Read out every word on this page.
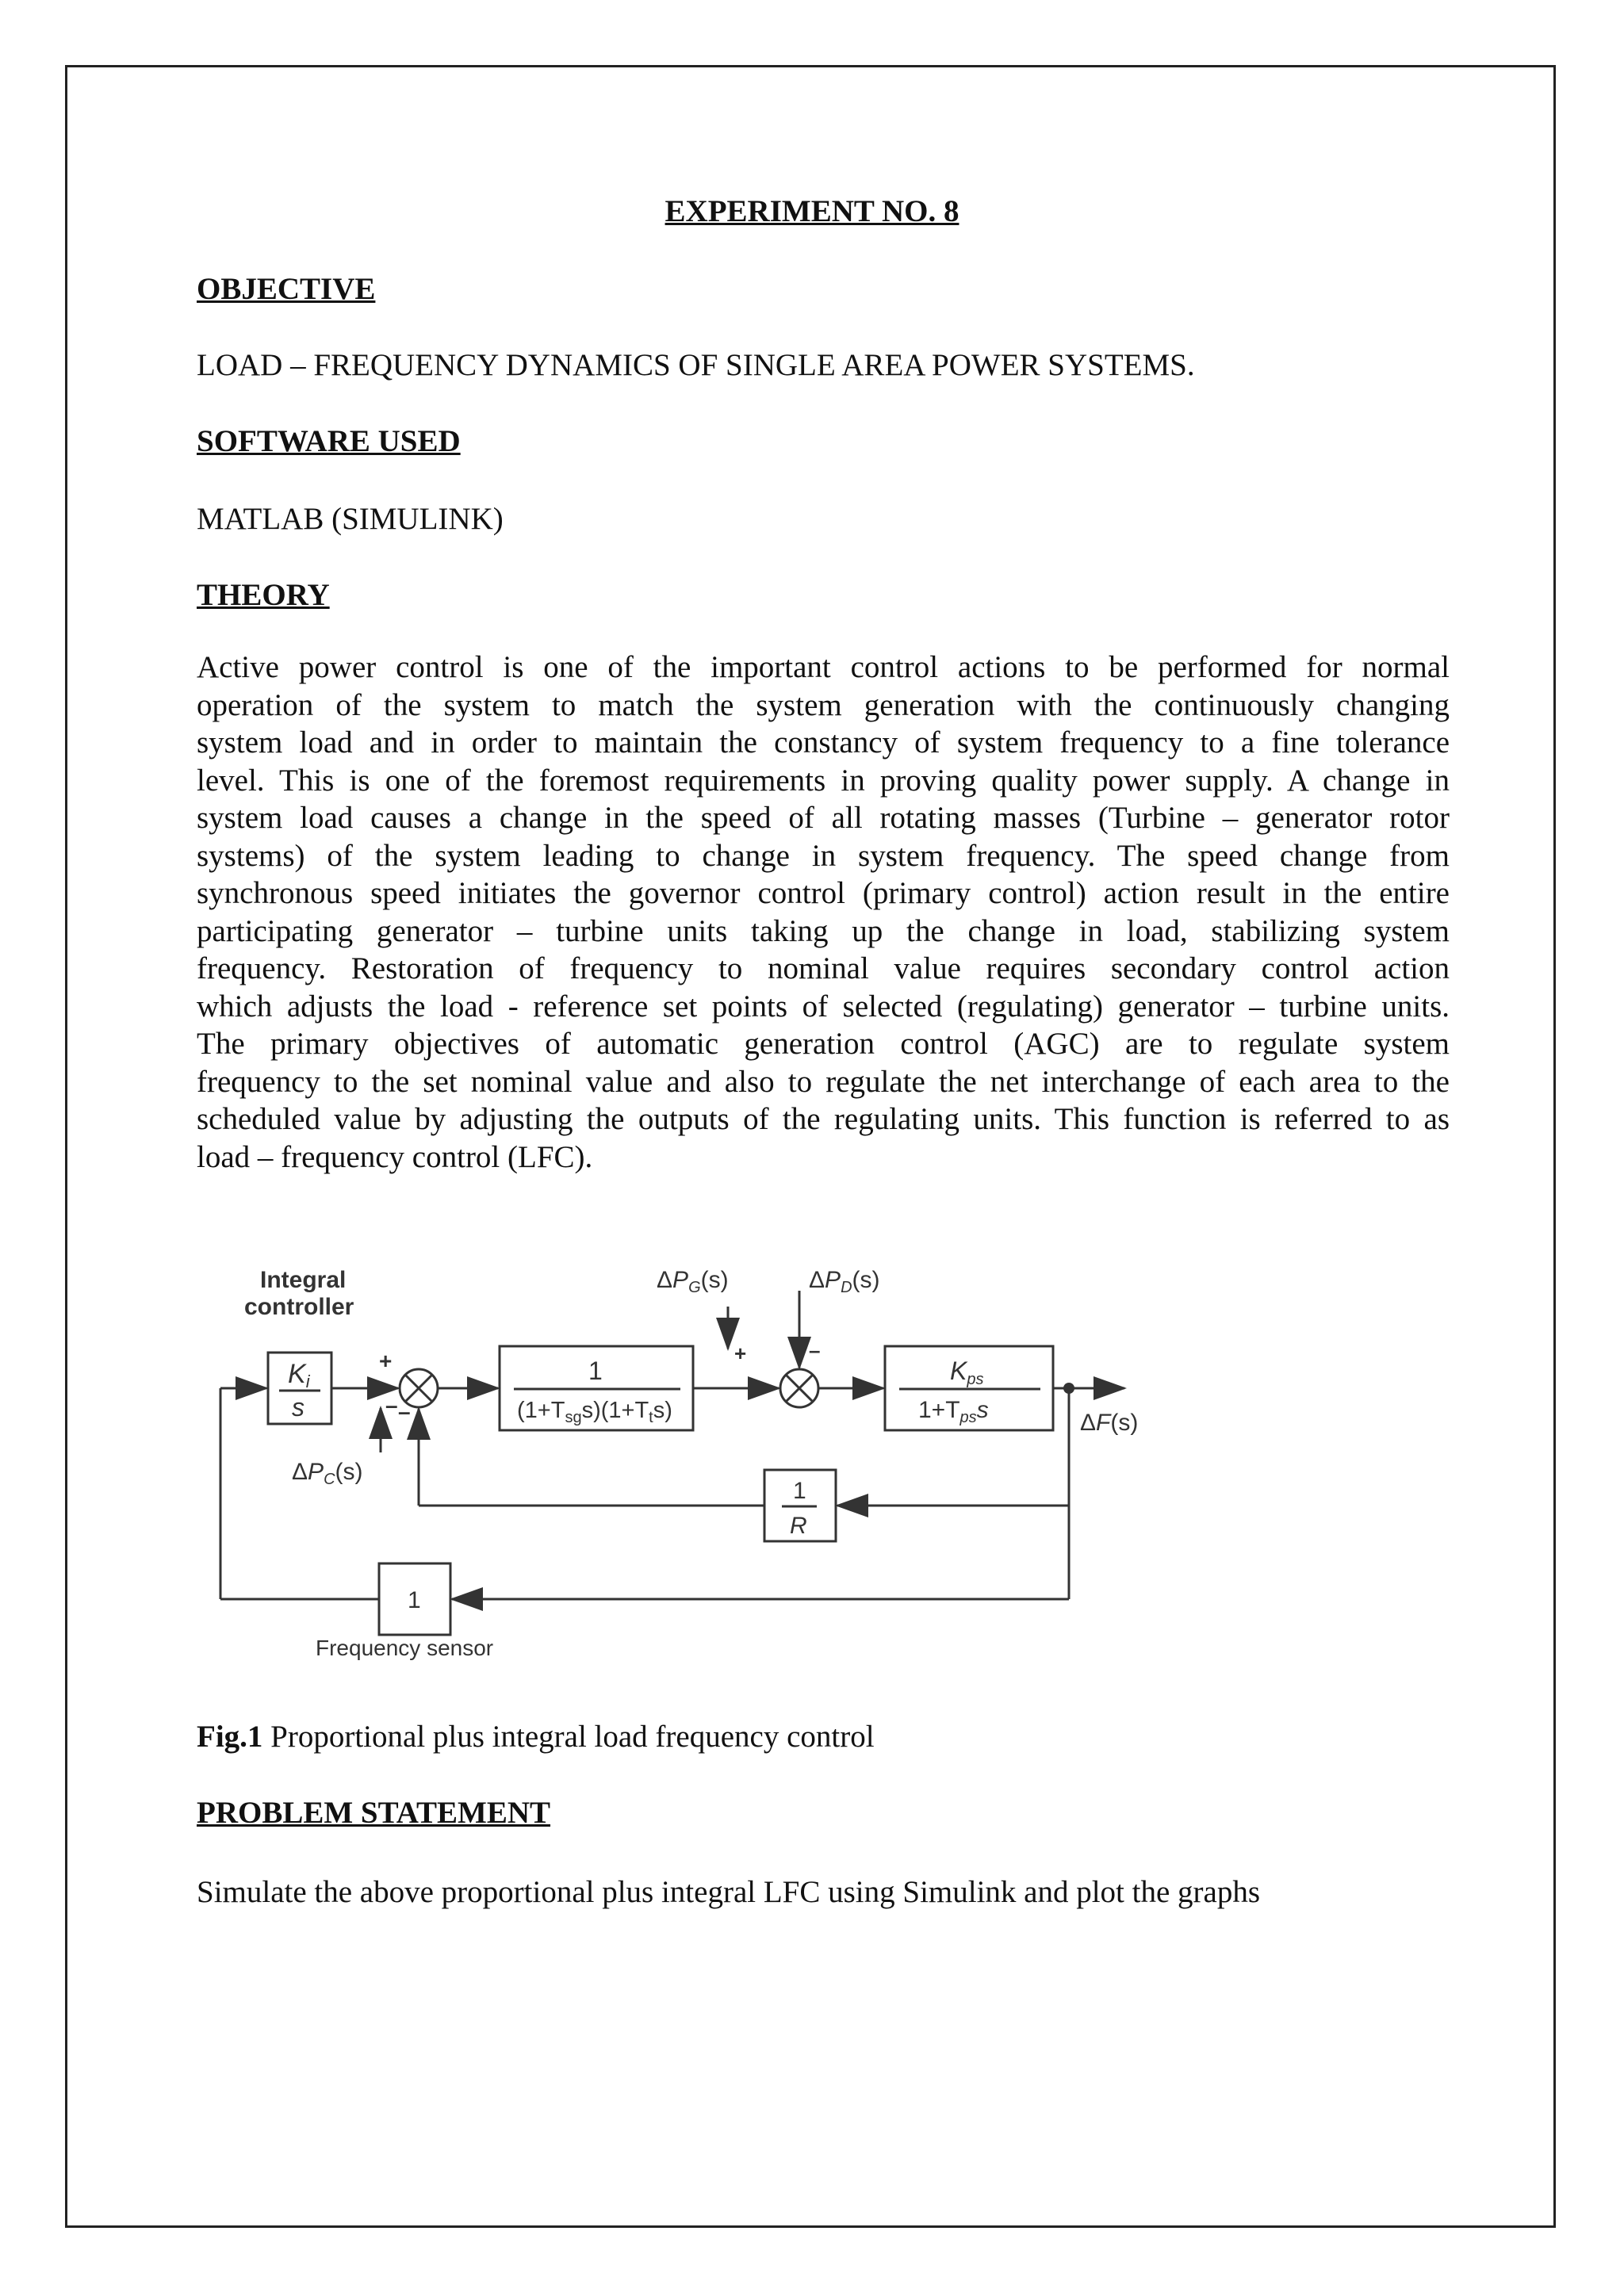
EXPERIMENT NO. 8
OBJECTIVE
LOAD – FREQUENCY DYNAMICS OF SINGLE AREA POWER SYSTEMS.
SOFTWARE USED
MATLAB (SIMULINK)
THEORY
Active power control is one of the important control actions to be performed for normal
operation of the system to match the system generation with the continuously changing
system load and in order to maintain the constancy of system frequency to a fine tolerance
level. This is one of the foremost requirements in proving quality power supply. A change in
system load causes a change in the speed of all rotating masses (Turbine – generator rotor
systems) of the system leading to change in system frequency. The speed change from
synchronous speed initiates the governor control (primary control) action result in the entire
participating generator – turbine units taking up the change in load, stabilizing system
frequency. Restoration of frequency to nominal value requires secondary control action
which adjusts the load - reference set points of selected (regulating) generator – turbine units.
The primary objectives of automatic generation control (AGC) are to regulate system
frequency to the set nominal value and also to regulate the net interchange of each area to the
scheduled value by adjusting the outputs of the regulating units. This function is referred to as
load – frequency control (LFC).
Integral
controller
Ki
s
+
– –
1
$(1+T_{sg}s)(1+T_ts)$
$\Delta P_G(s)$	$\Delta P_D(s)$
+	–
Kps
$1+T_{ps}s$	ΔF(s)
$\Delta P_C(s)$
1
R
1
Frequency sensor
Fig.1 Proportional plus integral load frequency control
PROBLEM STATEMENT
Simulate the above proportional plus integral LFC using Simulink and plot the graphs
